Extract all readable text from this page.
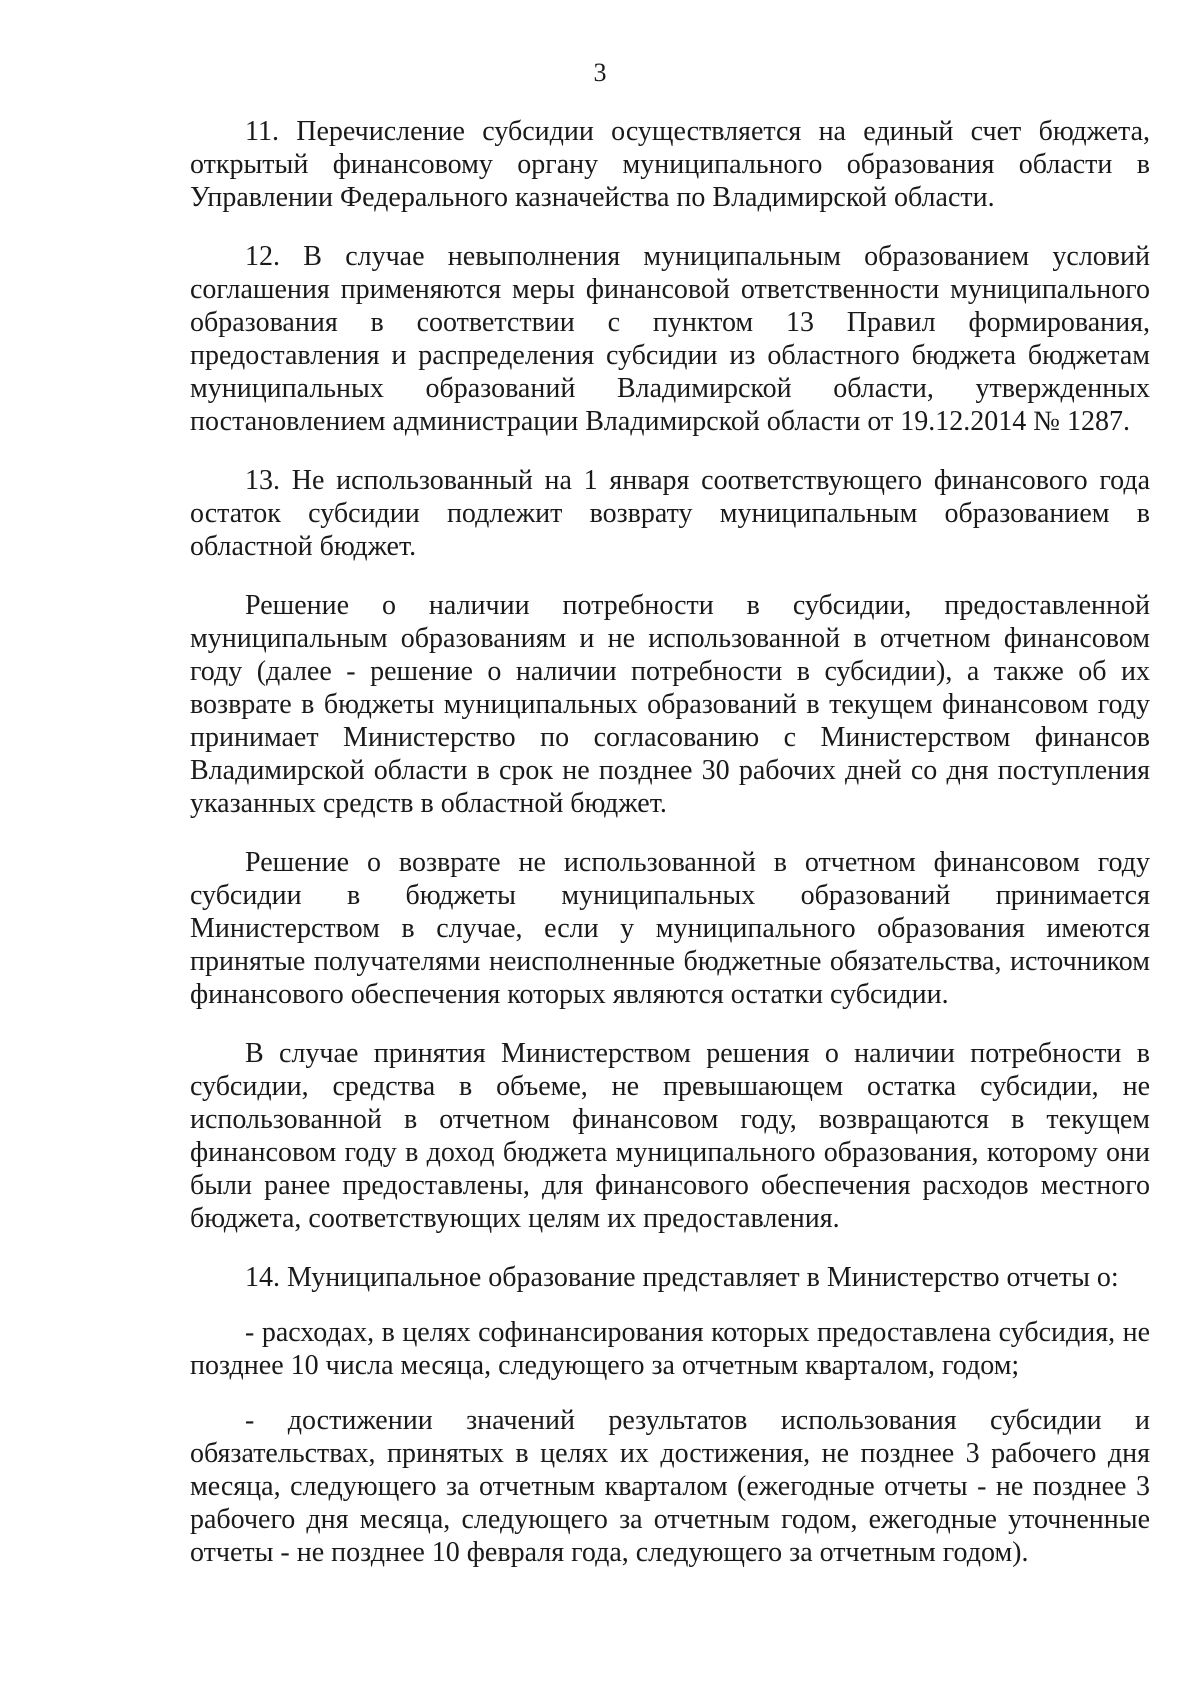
3

11. Перечисление субсидии осуществляется на единый счет бюджета, открытый финансовому органу муниципального образования области в Управлении Федерального казначейства по Владимирской области.

12. В случае невыполнения муниципальным образованием условий соглашения применяются меры финансовой ответственности муниципального образования в соответствии с пунктом 13 Правил формирования, предоставления и распределения субсидии из областного бюджета бюджетам муниципальных образований Владимирской области, утвержденных постановлением администрации Владимирской области от 19.12.2014 № 1287.

13. Не использованный на 1 января соответствующего финансового года остаток субсидии подлежит возврату муниципальным образованием в областной бюджет.

Решение о наличии потребности в субсидии, предоставленной муниципальным образованиям и не использованной в отчетном финансовом году (далее - решение о наличии потребности в субсидии), а также об их возврате в бюджеты муниципальных образований в текущем финансовом году принимает Министерство по согласованию с Министерством финансов Владимирской области в срок не позднее 30 рабочих дней со дня поступления указанных средств в областной бюджет.

Решение о возврате не использованной в отчетном финансовом году субсидии в бюджеты муниципальных образований принимается Министерством в случае, если у муниципального образования имеются принятые получателями неисполненные бюджетные обязательства, источником финансового обеспечения которых являются остатки субсидии.

В случае принятия Министерством решения о наличии потребности в субсидии, средства в объеме, не превышающем остатка субсидии, не использованной в отчетном финансовом году, возвращаются в текущем финансовом году в доход бюджета муниципального образования, которому они были ранее предоставлены, для финансового обеспечения расходов местного бюджета, соответствующих целям их предоставления.

14. Муниципальное образование представляет в Министерство отчеты о:

- расходах, в целях софинансирования которых предоставлена субсидия, не позднее 10 числа месяца, следующего за отчетным кварталом, годом;

- достижении значений результатов использования субсидии и обязательствах, принятых в целях их достижения, не позднее 3 рабочего дня месяца, следующего за отчетным кварталом (ежегодные отчеты - не позднее 3 рабочего дня месяца, следующего за отчетным годом, ежегодные уточненные отчеты - не позднее 10 февраля года, следующего за отчетным годом).
